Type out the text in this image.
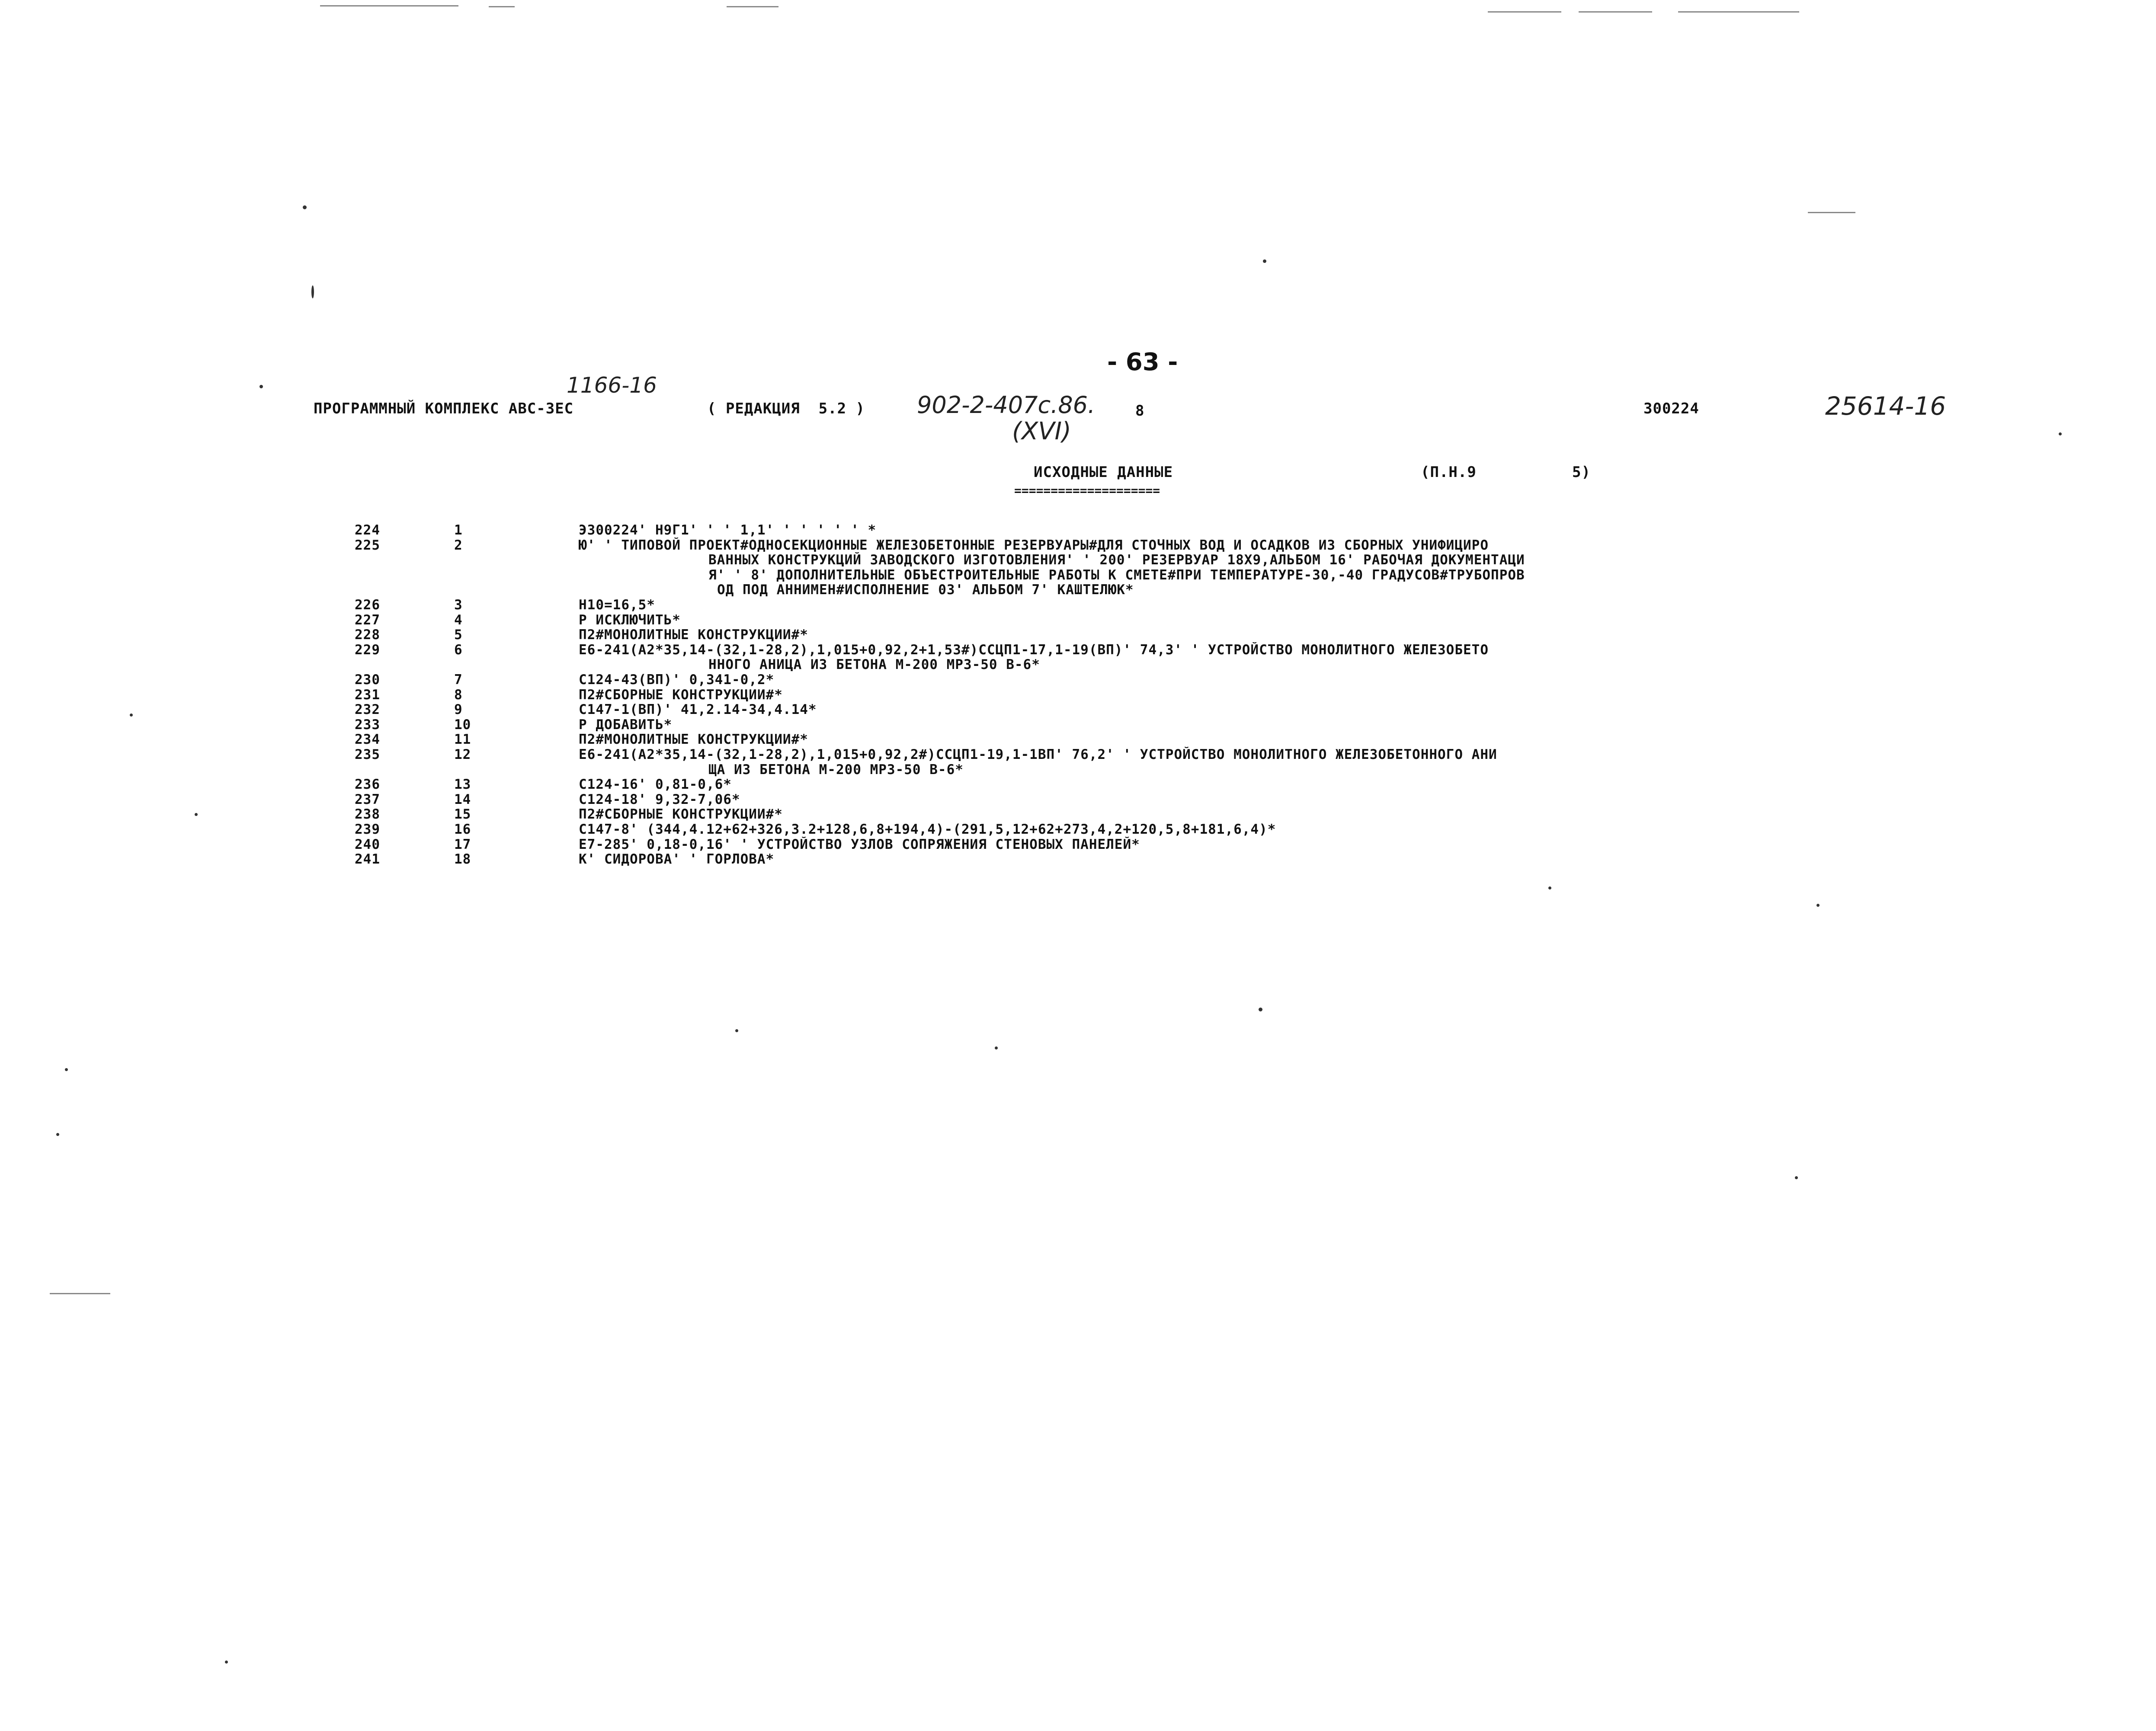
- 63 -
1166-16
ПРОГРАММНЫЙ КОМПЛЕКС АВС-ЗЕС	( РЕДАКЦИЯ  5.2 ) 902-2-407с.86.	8	300224	25614-16
(XVI)
ИСХОДНЫЕ ДАННЫЕ
====================
(П.Н.9	5)
224	1	Э300224' Н9Г1' ' ' 1,1' ' ' ' ' ' *
225	2	Ю' ' ТИПОВОЙ ПРОЕКТ#ОДНОСЕКЦИОННЫЕ ЖЕЛЕЗОБЕТОННЫЕ РЕЗЕРВУАРЫ#ДЛЯ СТОЧНЫХ ВОД И ОСАДКОВ ИЗ СБОРНЫХ УНИФИЦИРО
ВАННЫХ КОНСТРУКЦИЙ ЗАВОДСКОГО ИЗГОТОВЛЕНИЯ' ' 200' РЕЗЕРВУАР 18Х9,АЛЬБОМ 16' РАБОЧАЯ ДОКУМЕНТАЦИ
Я' ' 8' ДОПОЛНИТЕЛЬНЫЕ ОБЪЕСТРОИТЕЛЬНЫЕ РАБОТЫ К СМЕТЕ#ПРИ ТЕМПЕРАТУРЕ-30,-40 ГРАДУСОВ#ТРУБОПРОВ
ОД ПОД АННИМЕН#ИСПОЛНЕНИЕ 03' АЛЬБОМ 7' КАШТЕЛЮК*
226	3	Н10=16,5*
227	4	Р ИСКЛЮЧИТЬ*
228	5	П2#МОНОЛИТНЫЕ КОНСТРУКЦИИ#*
229	6	Е6-241(А2*35,14-(32,1-28,2),1,015+0,92,2+1,53#)ССЦП1-17,1-19(ВП)' 74,3' ' УСТРОЙСТВО МОНОЛИТНОГО ЖЕЛЕЗОБЕТО
ННОГО АНИЦА ИЗ БЕТОНА М-200 МРЗ-50 В-6*
230	7	С124-43(ВП)' 0,341-0,2*
231	8	П2#СБОРНЫЕ КОНСТРУКЦИИ#*
232	9	С147-1(ВП)' 41,2.14-34,4.14*
233	10	Р ДОБАВИТЬ*
234	11	П2#МОНОЛИТНЫЕ КОНСТРУКЦИИ#*
235	12	Е6-241(А2*35,14-(32,1-28,2),1,015+0,92,2#)ССЦП1-19,1-1ВП' 76,2' ' УСТРОЙСТВО МОНОЛИТНОГО ЖЕЛЕЗОБЕТОННОГО АНИ
ЩА ИЗ БЕТОНА М-200 МРЗ-50 В-6*
236	13	С124-16' 0,81-0,6*
237	14	С124-18' 9,32-7,06*
238	15	П2#СБОРНЫЕ КОНСТРУКЦИИ#*
239	16	С147-8' (344,4.12+62+326,3.2+128,6,8+194,4)-(291,5,12+62+273,4,2+120,5,8+181,6,4)*
240	17	Е7-285' 0,18-0,16' ' УСТРОЙСТВО УЗЛОВ СОПРЯЖЕНИЯ СТЕНОВЫХ ПАНЕЛЕЙ*
241	18	К' СИДОРОВА' ' ГОРЛОВА*
